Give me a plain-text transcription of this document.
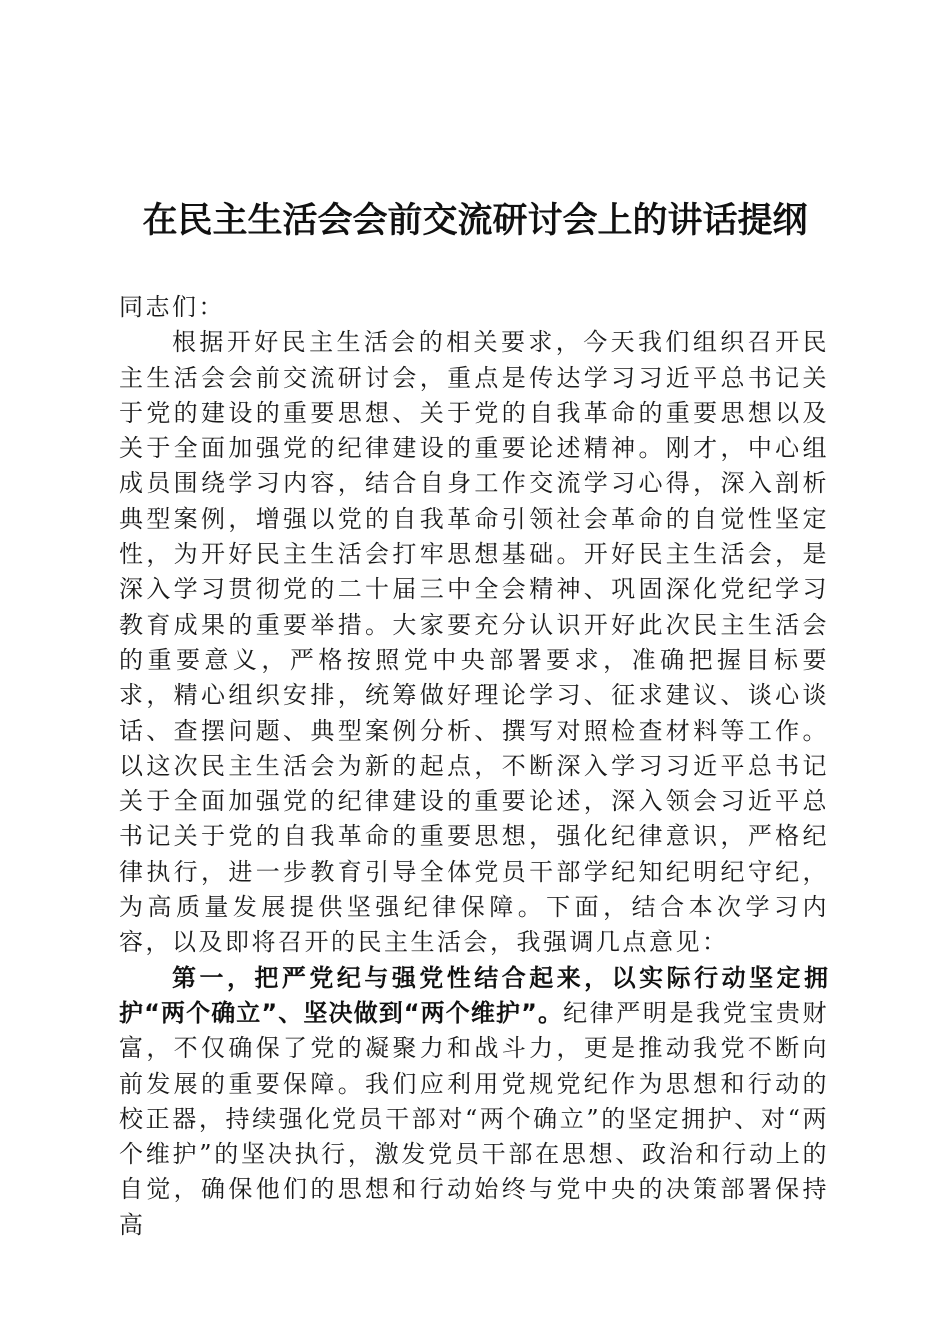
在民主生活会会前交流研讨会上的讲话提纲

同志们：

根据开好民主生活会的相关要求，今天我们组织召开民主生活会会前交流研讨会，重点是传达学习习近平总书记关于党的建设的重要思想、关于党的自我革命的重要思想以及关于全面加强党的纪律建设的重要论述精神。刚才，中心组成员围绕学习内容，结合自身工作交流学习心得，深入剖析典型案例，增强以党的自我革命引领社会革命的自觉性坚定性，为开好民主生活会打牢思想基础。开好民主生活会，是深入学习贯彻党的二十届三中全会精神、巩固深化党纪学习教育成果的重要举措。大家要充分认识开好此次民主生活会的重要意义，严格按照党中央部署要求，准确把握目标要求，精心组织安排，统筹做好理论学习、征求建议、谈心谈话、查摆问题、典型案例分析、撰写对照检查材料等工作。以这次民主生活会为新的起点，不断深入学习习近平总书记关于全面加强党的纪律建设的重要论述，深入领会习近平总书记关于党的自我革命的重要思想，强化纪律意识，严格纪律执行，进一步教育引导全体党员干部学纪知纪明纪守纪，为高质量发展提供坚强纪律保障。下面，结合本次学习内容，以及即将召开的民主生活会，我强调几点意见：

第一，把严党纪与强党性结合起来，以实际行动坚定拥护“两个确立”、坚决做到“两个维护”。纪律严明是我党宝贵财富，不仅确保了党的凝聚力和战斗力，更是推动我党不断向前发展的重要保障。我们应利用党规党纪作为思想和行动的校正器，持续强化党员干部对“两个确立”的坚定拥护、对“两个维护”的坚决执行，激发党员干部在思想、政治和行动上的自觉，确保他们的思想和行动始终与党中央的决策部署保持高
